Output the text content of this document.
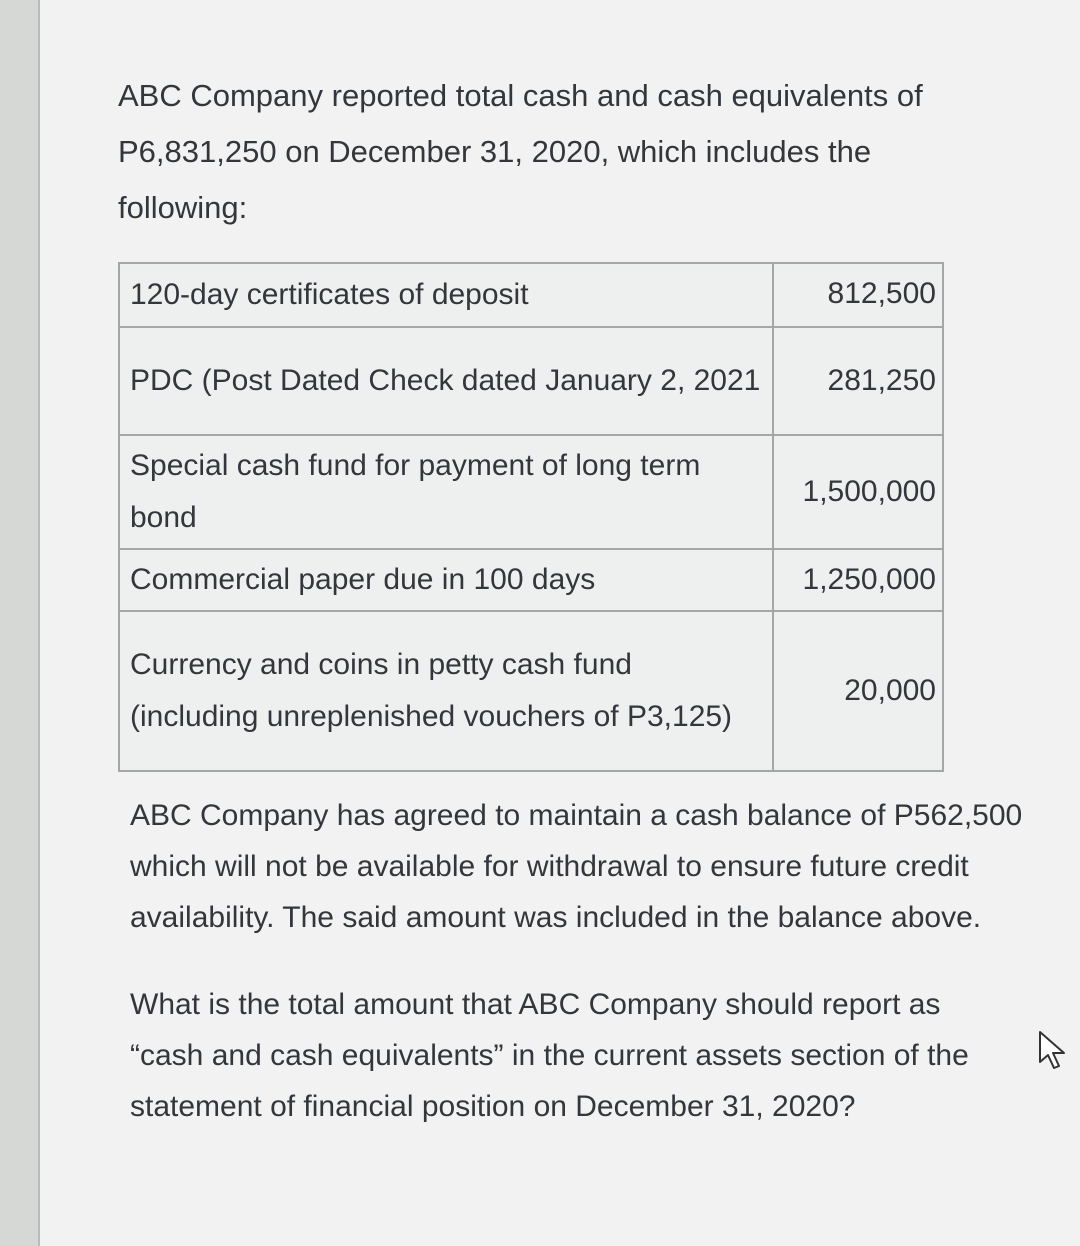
ABC Company reported total cash and cash equivalents of P6,831,250 on December 31, 2020, which includes the following:

120-day certificates of deposit	812,500
PDC (Post Dated Check dated January 2, 2021	281,250
Special cash fund for payment of long term bond	1,500,000
Commercial paper due in 100 days	1,250,000
Currency and coins in petty cash fund (including unreplenished vouchers of P3,125)	20,000

ABC Company has agreed to maintain a cash balance of P562,500 which will not be available for withdrawal to ensure future credit availability. The said amount was included in the balance above.

What is the total amount that ABC Company should report as “cash and cash equivalents” in the current assets section of the statement of financial position on December 31, 2020?
